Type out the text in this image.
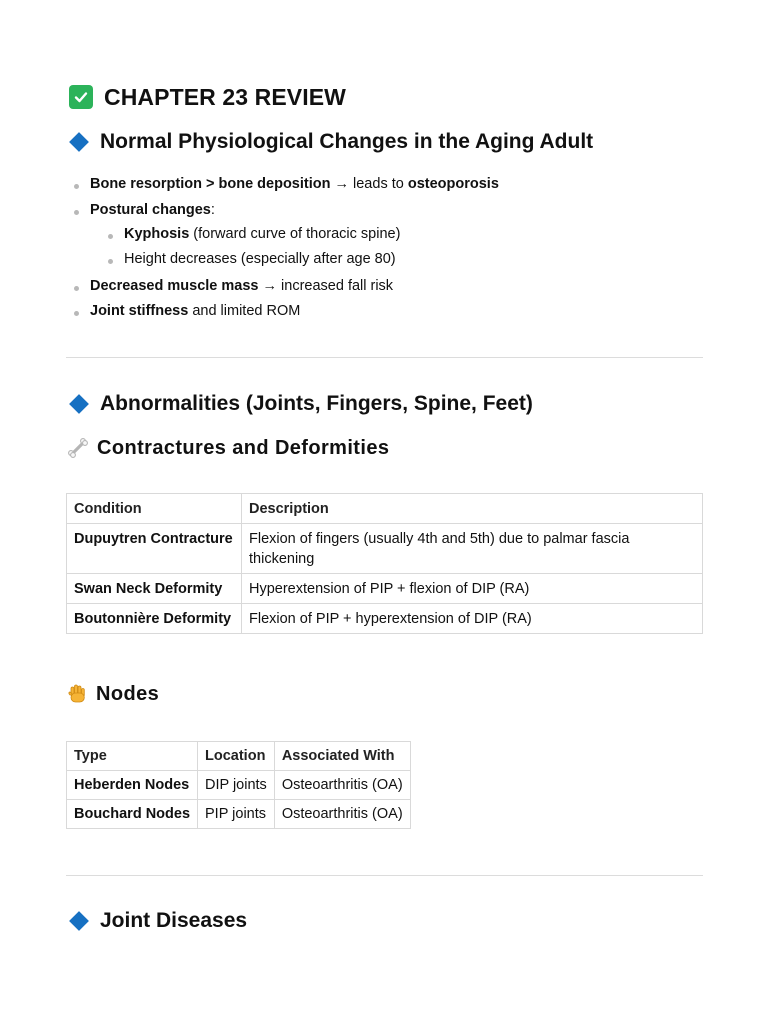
CHAPTER 23 REVIEW
Normal Physiological Changes in the Aging Adult
Bone resorption > bone deposition → leads to osteoporosis
Postural changes:
Kyphosis (forward curve of thoracic spine)
Height decreases (especially after age 80)
Decreased muscle mass → increased fall risk
Joint stiffness and limited ROM
Abnormalities (Joints, Fingers, Spine, Feet)
Contractures and Deformities
Condition	Description
Dupuytren Contracture	Flexion of fingers (usually 4th and 5th) due to palmar fascia thickening
Swan Neck Deformity	Hyperextension of PIP + flexion of DIP (RA)
Boutonnière Deformity	Flexion of PIP + hyperextension of DIP (RA)
Nodes
Type	Location	Associated With
Heberden Nodes	DIP joints	Osteoarthritis (OA)
Bouchard Nodes	PIP joints	Osteoarthritis (OA)
Joint Diseases
